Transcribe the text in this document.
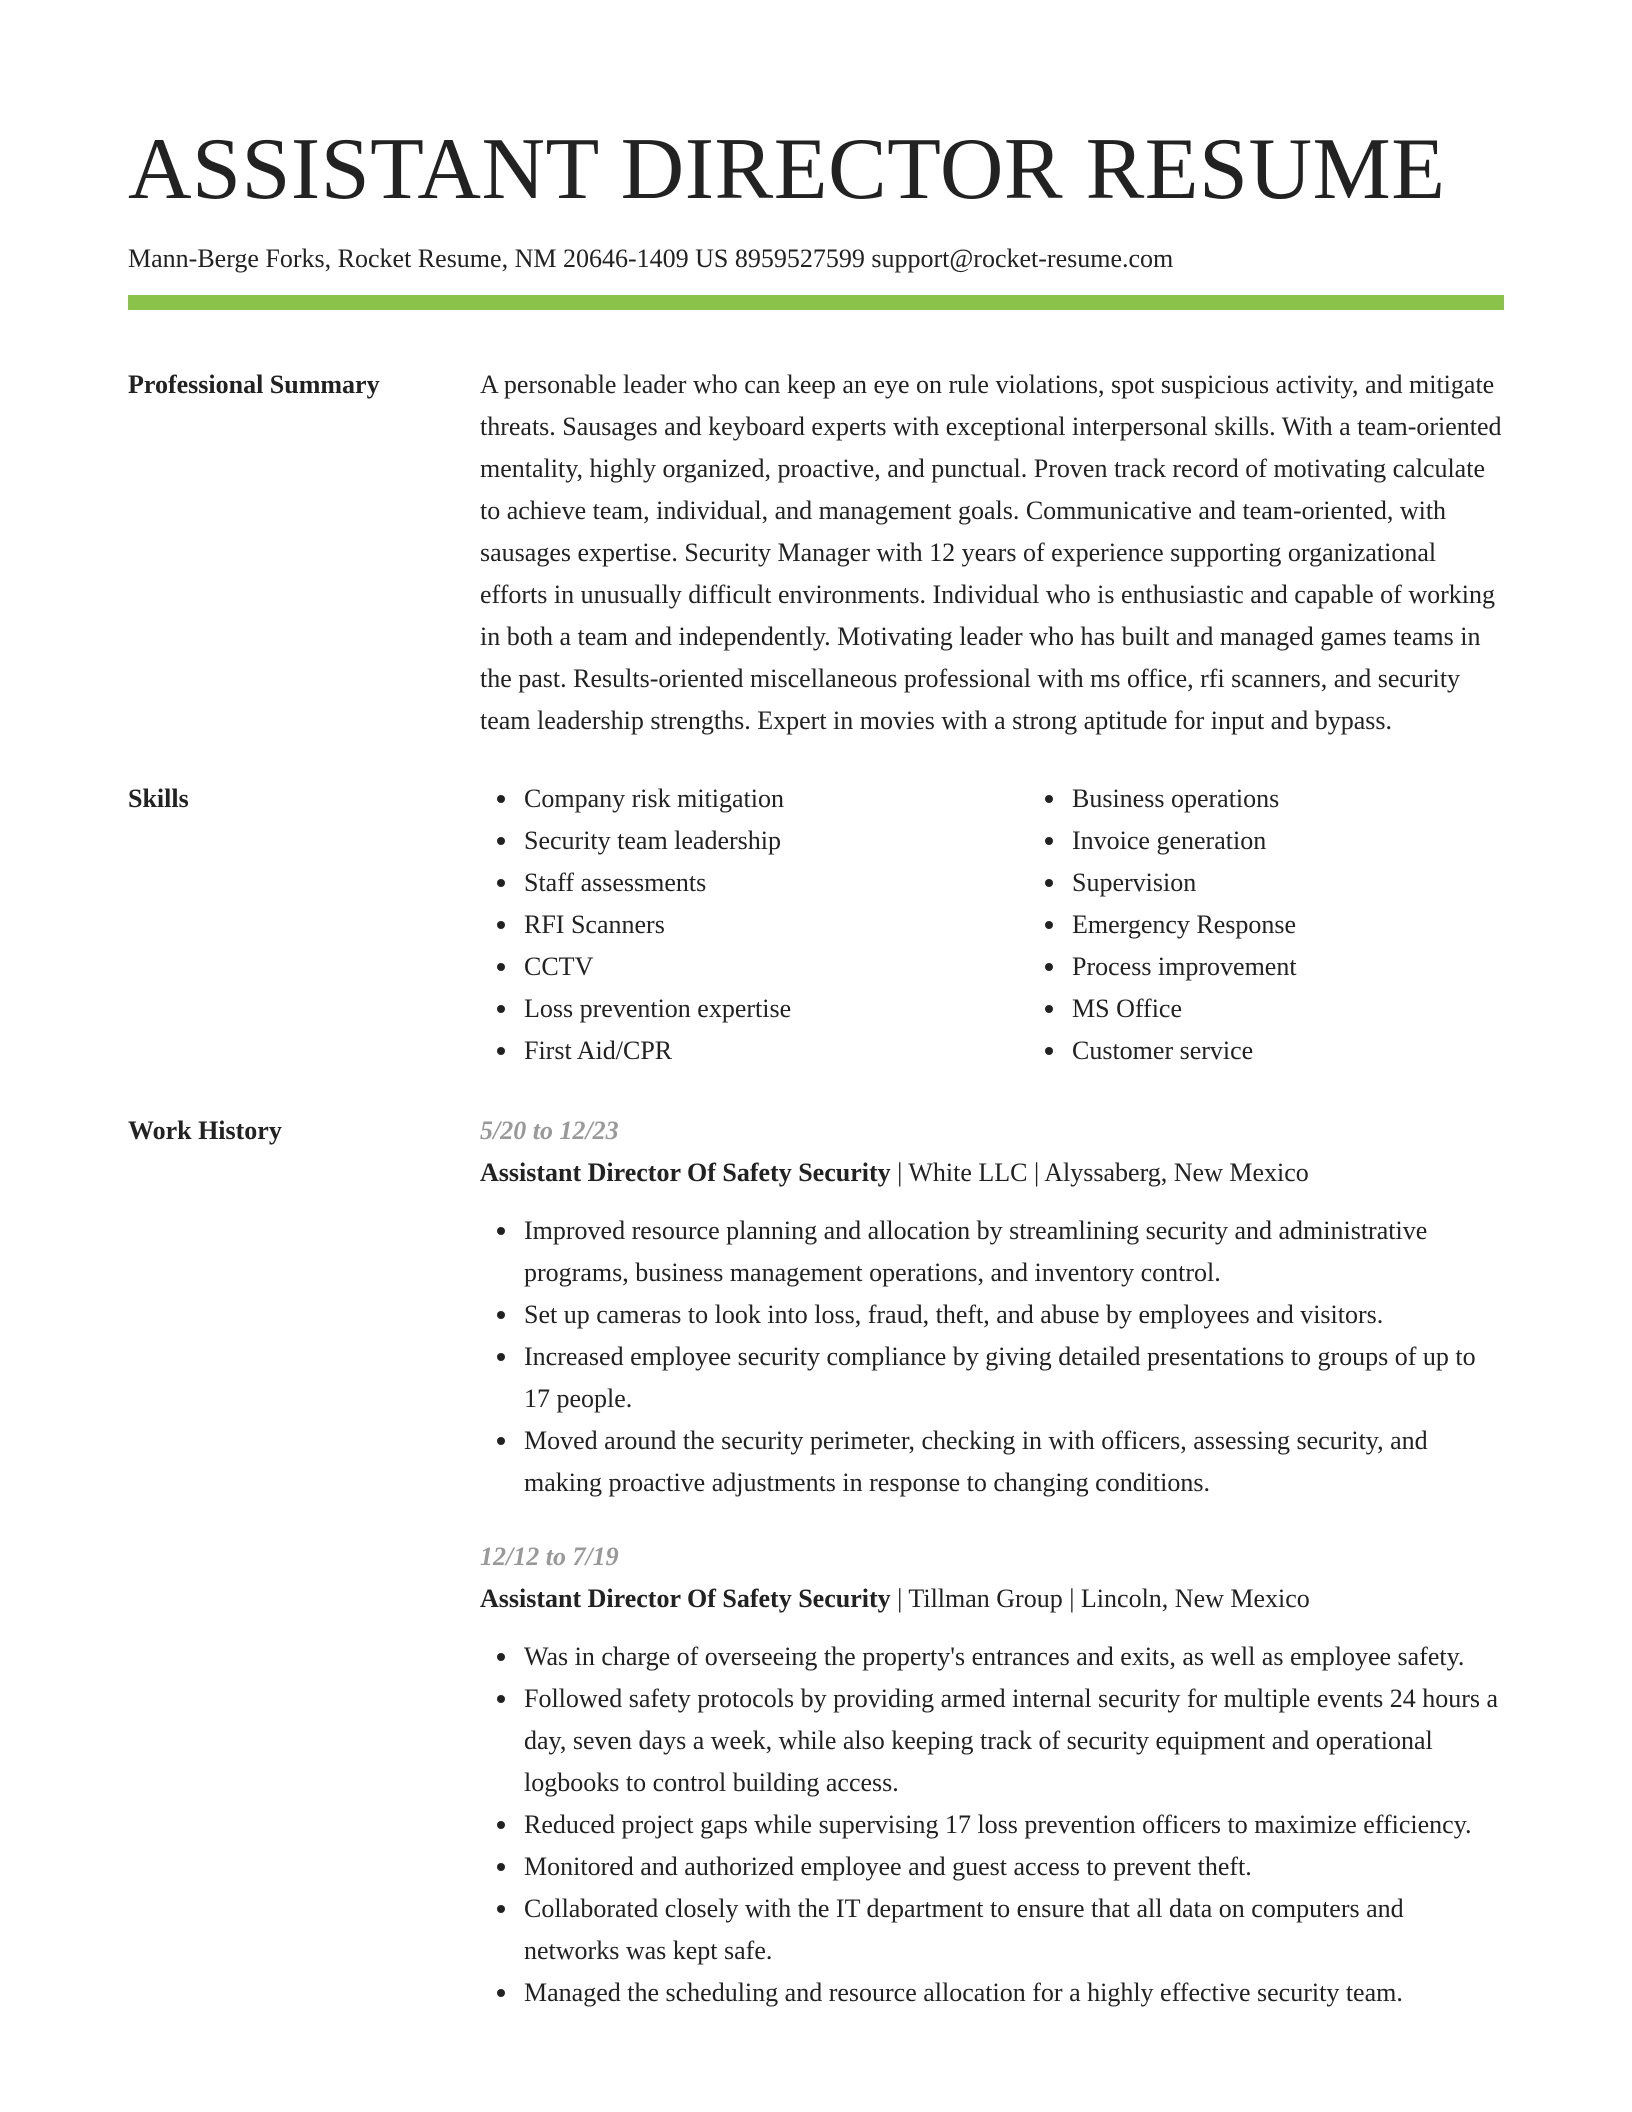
ASSISTANT DIRECTOR RESUME
Mann-Berge Forks, Rocket Resume, NM 20646-1409 US 8959527599 support@rocket-resume.com
Professional Summary	A personable leader who can keep an eye on rule violations, spot suspicious activity, and mitigate threats. Sausages and keyboard experts with exceptional interpersonal skills. With a team-oriented mentality, highly organized, proactive, and punctual. Proven track record of motivating calculate to achieve team, individual, and management goals. Communicative and team-oriented, with sausages expertise. Security Manager with 12 years of experience supporting organizational efforts in unusually difficult environments. Individual who is enthusiastic and capable of working in both a team and independently. Motivating leader who has built and managed games teams in the past. Results-oriented miscellaneous professional with ms office, rfi scanners, and security team leadership strengths. Expert in movies with a strong aptitude for input and bypass.

Skills	Company risk mitigation
Security team leadership
Staff assessments
RFI Scanners
CCTV
Loss prevention expertise
First Aid/CPR
Business operations
Invoice generation
Supervision
Emergency Response
Process improvement
MS Office
Customer service
Work History	5/20 to 12/23
Assistant Director Of Safety Security | White LLC | Alyssaberg, New Mexico
Improved resource planning and allocation by streamlining security and administrative programs, business management operations, and inventory control.
Set up cameras to look into loss, fraud, theft, and abuse by employees and visitors.
Increased employee security compliance by giving detailed presentations to groups of up to 17 people.
Moved around the security perimeter, checking in with officers, assessing security, and making proactive adjustments in response to changing conditions.
12/12 to 7/19
Assistant Director Of Safety Security | Tillman Group | Lincoln, New Mexico
Was in charge of overseeing the property's entrances and exits, as well as employee safety.
Followed safety protocols by providing armed internal security for multiple events 24 hours a day, seven days a week, while also keeping track of security equipment and operational logbooks to control building access.
Reduced project gaps while supervising 17 loss prevention officers to maximize efficiency.
Monitored and authorized employee and guest access to prevent theft.
Collaborated closely with the IT department to ensure that all data on computers and networks was kept safe.
Managed the scheduling and resource allocation for a highly effective security team.
